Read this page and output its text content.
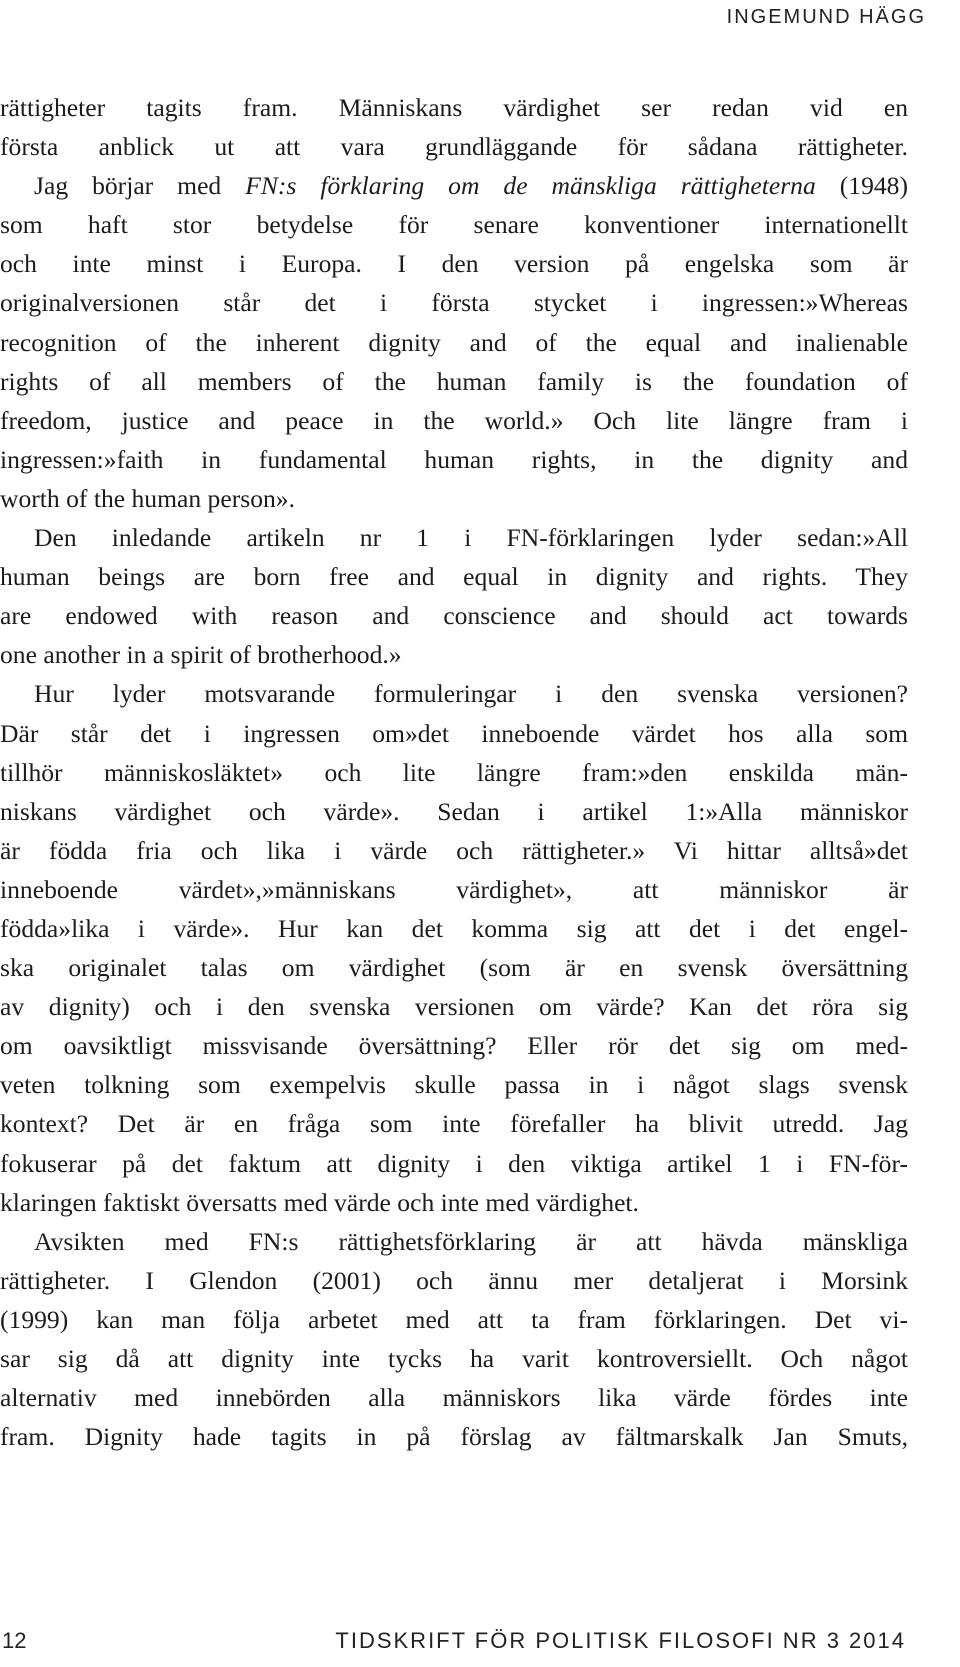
INGEMUND HÄGG
rättigheter tagits fram. Människans värdighet ser redan vid en
första anblick ut att vara grundläggande för sådana rättigheter.
Jag börjar med FN:s förklaring om de mänskliga rättigheterna (1948)
som haft stor betydelse för senare konventioner internationellt
och inte minst i Europa. I den version på engelska som är
originalversionen står det i första stycket i ingressen:»Whereas
recognition of the inherent dignity and of the equal and inalienable
rights of all members of the human family is the foundation of
freedom, justice and peace in the world.» Och lite längre fram i
ingressen:»faith in fundamental human rights, in the dignity and
worth of the human person».
Den inledande artikeln nr 1 i FN-förklaringen lyder sedan:»All
human beings are born free and equal in dignity and rights. They
are endowed with reason and conscience and should act towards
one another in a spirit of brotherhood.»
Hur lyder motsvarande formuleringar i den svenska versionen?
Där står det i ingressen om»det inneboende värdet hos alla som
tillhör människosläktet» och lite längre fram:»den enskilda män-
niskans värdighet och värde». Sedan i artikel 1:»Alla människor
är födda fria och lika i värde och rättigheter.» Vi hittar alltså»det
inneboende värdet»,»människans värdighet», att människor är
födda»lika i värde». Hur kan det komma sig att det i det engel-
ska originalet talas om värdighet (som är en svensk översättning
av dignity) och i den svenska versionen om värde? Kan det röra sig
om oavsiktligt missvisande översättning? Eller rör det sig om med-
veten tolkning som exempelvis skulle passa in i något slags svensk
kontext? Det är en fråga som inte förefaller ha blivit utredd. Jag
fokuserar på det faktum att dignity i den viktiga artikel 1 i FN-för-
klaringen faktiskt översatts med värde och inte med värdighet.
Avsikten med FN:s rättighetsförklaring är att hävda mänskliga
rättigheter. I Glendon (2001) och ännu mer detaljerat i Morsink
(1999) kan man följa arbetet med att ta fram förklaringen. Det vi-
sar sig då att dignity inte tycks ha varit kontroversiellt. Och något
alternativ med innebörden alla människors lika värde fördes inte
fram. Dignity hade tagits in på förslag av fältmarskalk Jan Smuts,
12	TIDSKRIFT FÖR POLITISK FILOSOFI NR 3 2014
